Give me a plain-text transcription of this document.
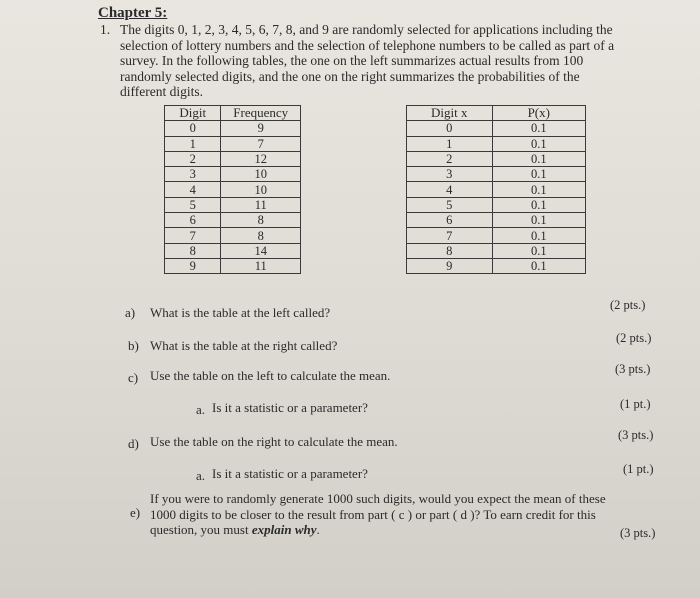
Chapter 5:
1. The digits 0, 1, 2, 3, 4, 5, 6, 7, 8, and 9 are randomly selected for applications including the
selection of lottery numbers and the selection of telephone numbers to be called as part of a
survey. In the following tables, the one on the left summarizes actual results from 100
randomly selected digits, and the one on the right summarizes the probabilities of the
different digits.
Digit	Frequency
0	9
1	7
2	12
3	10
4	10
5	11
6	8
7	8
8	14
9	11
Digit x	P(x)
0	0.1
1	0.1
2	0.1
3	0.1
4	0.1
5	0.1
6	0.1
7	0.1
8	0.1
9	0.1
a) What is the table at the left called?	(2 pts.)
b) What is the table at the right called?	(2 pts.)
c) Use the table on the left to calculate the mean.	(3 pts.)
a. Is it a statistic or a parameter?	(1 pt.)
d) Use the table on the right to calculate the mean.	(3 pts.)
a. Is it a statistic or a parameter?	(1 pt.)
e)
If you were to randomly generate 1000 such digits, would you expect the mean of these
1000 digits to be closer to the result from part ( c ) or part ( d )? To earn credit for this
question, you must explain why.	(3 pts.)
